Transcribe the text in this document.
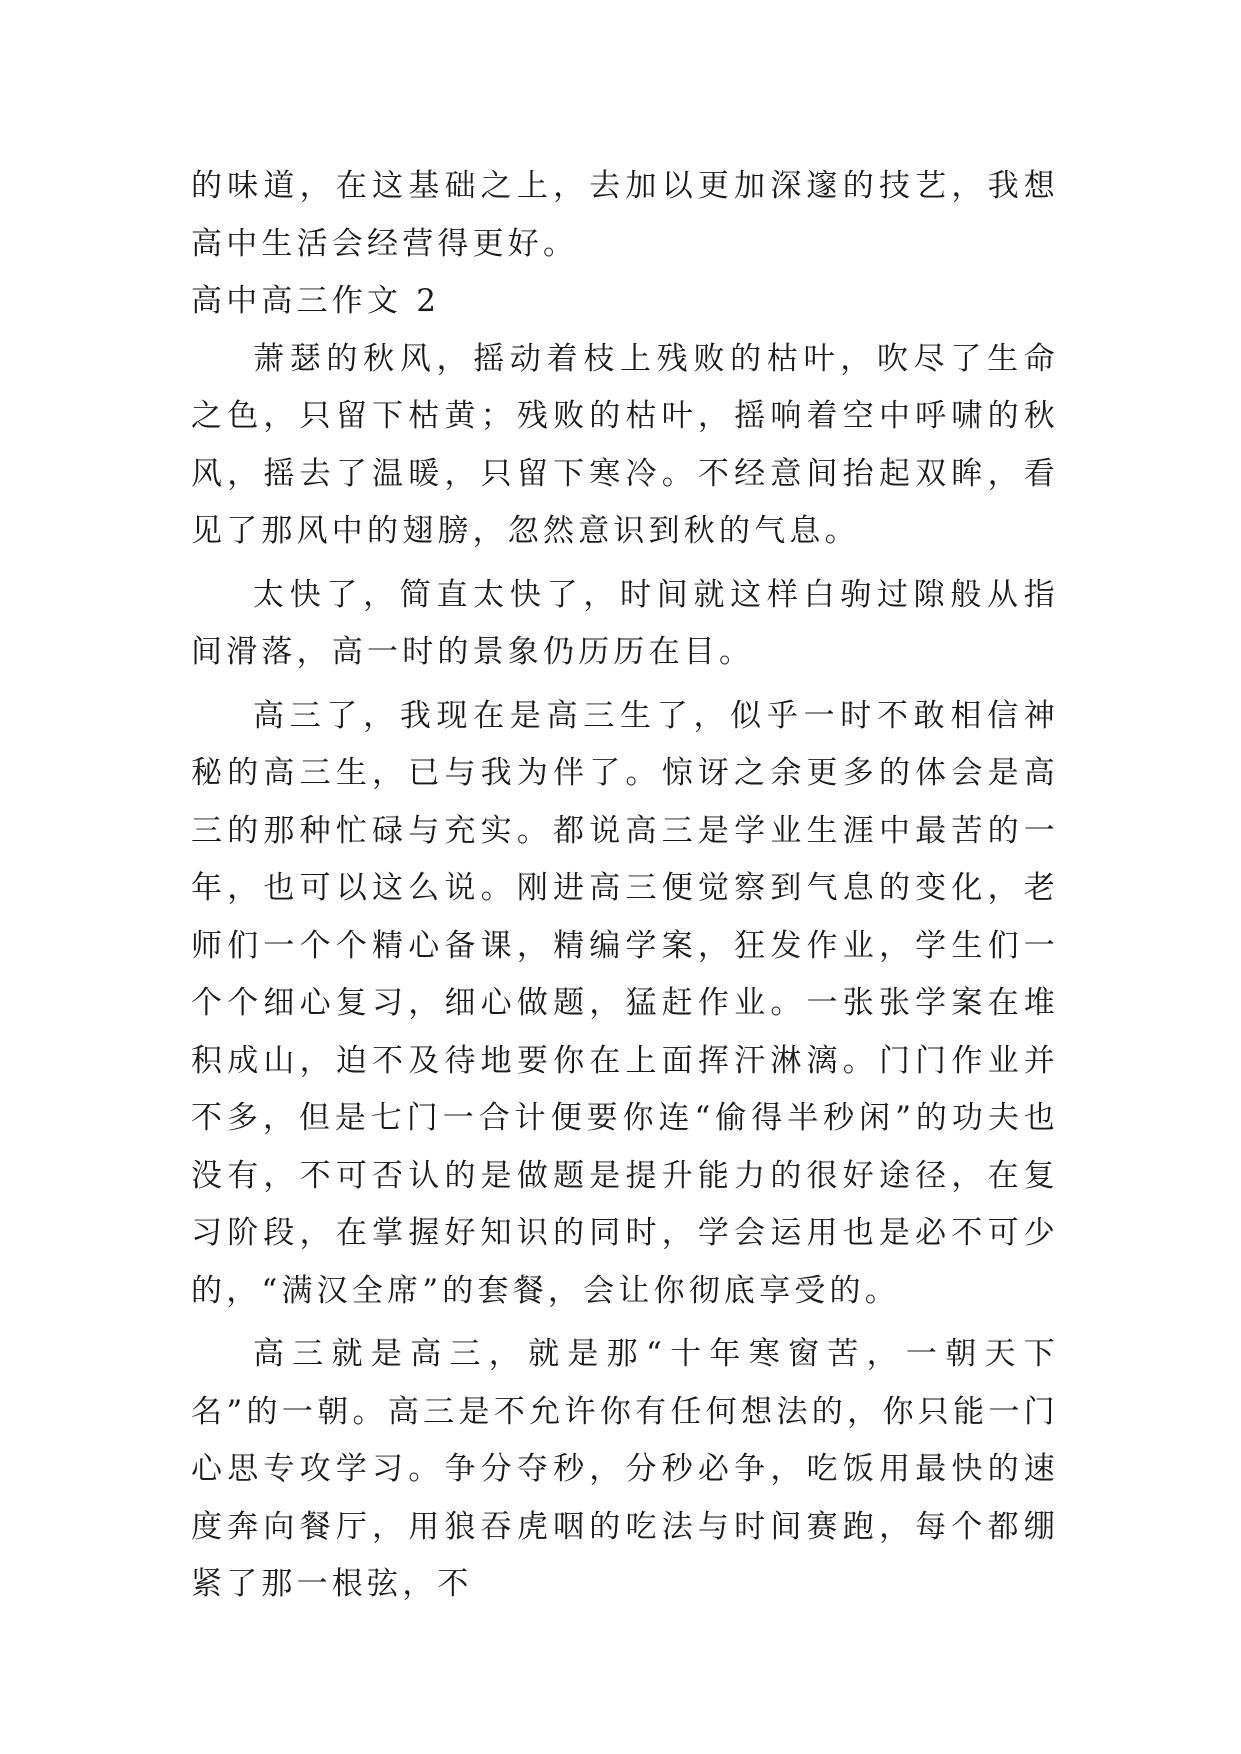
的味道，在这基础之上，去加以更加深邃的技艺，我想高中生活会经营得更好。

高中高三作文 2

萧瑟的秋风，摇动着枝上残败的枯叶，吹尽了生命之色，只留下枯黄；残败的枯叶，摇响着空中呼啸的秋风，摇去了温暖，只留下寒冷。不经意间抬起双眸，看见了那风中的翅膀，忽然意识到秋的气息。

太快了，简直太快了，时间就这样白驹过隙般从指间滑落，高一时的景象仍历历在目。

高三了，我现在是高三生了，似乎一时不敢相信神秘的高三生，已与我为伴了。惊讶之余更多的体会是高三的那种忙碌与充实。都说高三是学业生涯中最苦的一年，也可以这么说。刚进高三便觉察到气息的变化，老师们一个个精心备课，精编学案，狂发作业，学生们一个个细心复习，细心做题，猛赶作业。一张张学案在堆积成山，迫不及待地要你在上面挥汗淋漓。门门作业并不多，但是七门一合计便要你连“偷得半秒闲”的功夫也没有，不可否认的是做题是提升能力的很好途径，在复习阶段，在掌握好知识的同时，学会运用也是必不可少的，“满汉全席”的套餐，会让你彻底享受的。

高三就是高三，就是那“十年寒窗苦，一朝天下名”的一朝。高三是不允许你有任何想法的，你只能一门心思专攻学习。争分夺秒，分秒必争，吃饭用最快的速度奔向餐厅，用狼吞虎咽的吃法与时间赛跑，每个都绷紧了那一根弦，不
